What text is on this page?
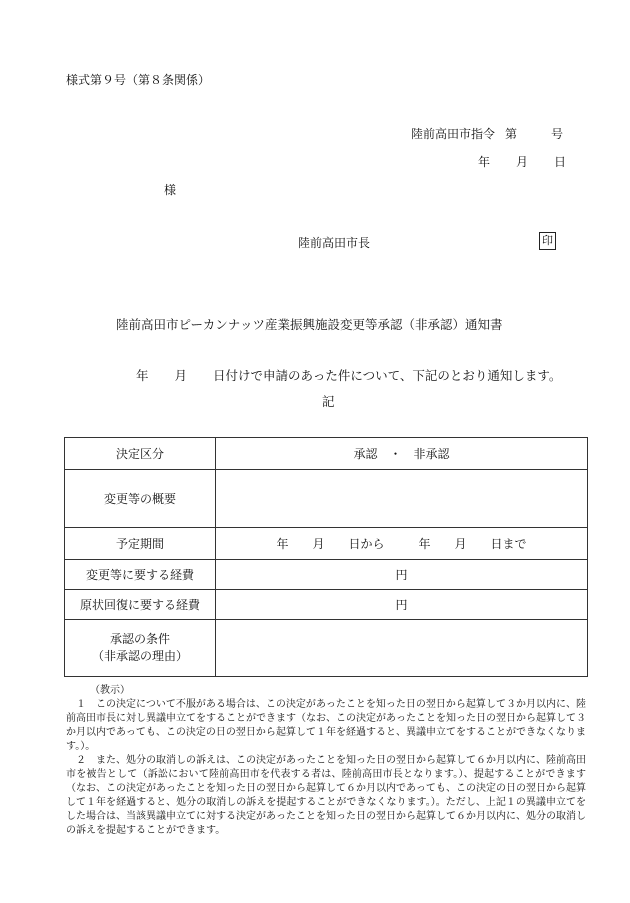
様式第９号（第８条関係）
陸前高田市指令 第	号
年 月 日
様
陸前高田市長	印
陸前高田市ピーカンナッツ産業振興施設変更等承認（非承認）通知書
年 月 日付けで申請のあった件について、下記のとおり通知します。
記
決定区分	承認　・　非承認
変更等の概要	
予定期間	年 月 日から 年 月 日まで
変更等に要する経費	円
原状回復に要する経費	円

承認の条件
（非承認の理由）	

（教示）

１　この決定について不服がある場合は、この決定があったことを知った日の翌日から起算して３か月以内に、陸前高田市長に対し異議申立てをすることができます（なお、この決定があったことを知った日の翌日から起算して３か月以内であっても、この決定の日の翌日から起算して１年を経過すると、異議申立てをすることができなくなります。）。

２　また、処分の取消しの訴えは、この決定があったことを知った日の翌日から起算して６か月以内に、陸前高田市を被告として（訴訟において陸前高田市を代表する者は、陸前高田市長となります。）、提起することができます（なお、この決定があったことを知った日の翌日から起算して６か月以内であっても、この決定の日の翌日から起算して１年を経過すると、処分の取消しの訴えを提起することができなくなります。）。ただし、上記１の異議申立てをした場合は、当該異議申立てに対する決定があったことを知った日の翌日から起算して６か月以内に、処分の取消しの訴えを提起することができます。
